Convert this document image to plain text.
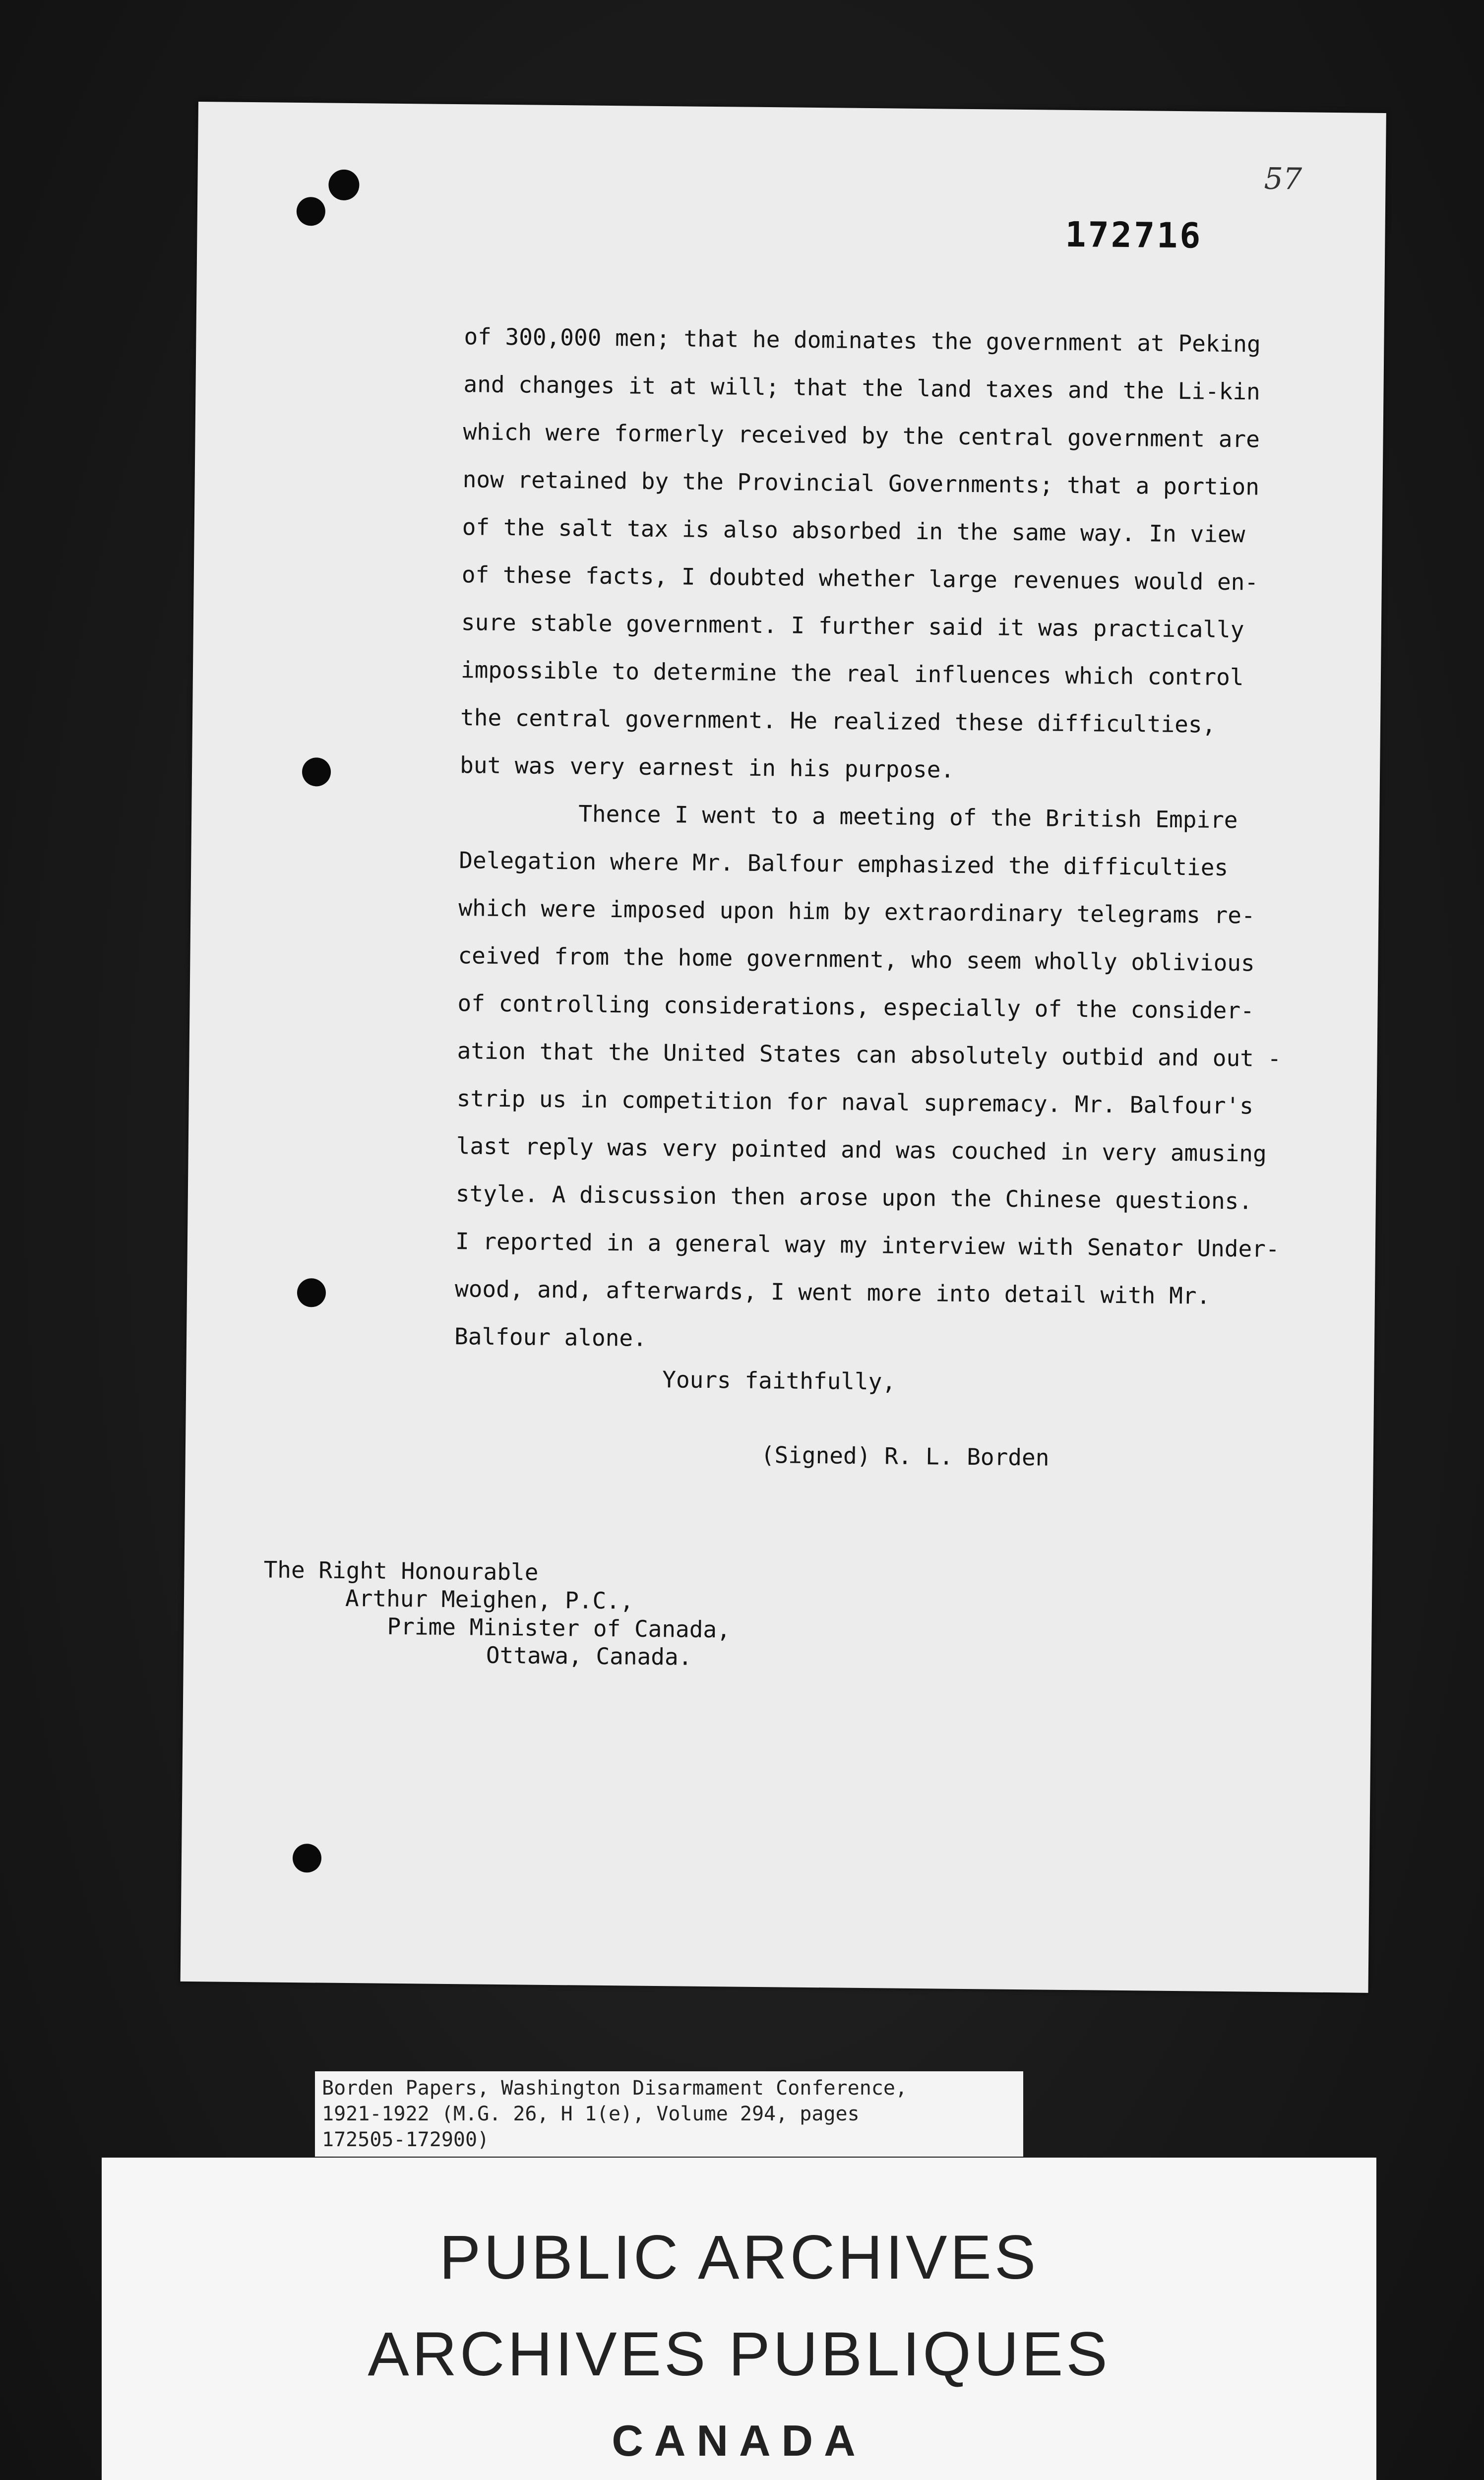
57
172716
of 300,000 men; that he dominates the government at Peking
and changes it at will; that the land taxes and the Li-kin
which were formerly received by the central government are
now retained by the Provincial Governments; that a portion
of the salt tax is also absorbed in the same way. In view
of these facts, I doubted whether large revenues would en-
sure stable government. I further said it was practically
impossible to determine the real influences which control
the central government. He realized these difficulties,
but was very earnest in his purpose.
Thence I went to a meeting of the British Empire
Delegation where Mr. Balfour emphasized the difficulties
which were imposed upon him by extraordinary telegrams re-
ceived from the home government, who seem wholly oblivious
of controlling considerations, especially of the consider-
ation that the United States can absolutely outbid and out -
strip us in competition for naval supremacy. Mr. Balfour's
last reply was very pointed and was couched in very amusing
style. A discussion then arose upon the Chinese questions.
I reported in a general way my interview with Senator Under-
wood, and, afterwards, I went more into detail with Mr.
Balfour alone.
Yours faithfully,
(Signed) R. L. Borden
The Right Honourable
Arthur Meighen, P.C.,
Prime Minister of Canada,
Ottawa, Canada.
Borden Papers, Washington Disarmament Conference,
1921-1922 (M.G. 26, H 1(e), Volume 294, pages
172505-172900)
PUBLIC ARCHIVES
ARCHIVES PUBLIQUES
CANADA
